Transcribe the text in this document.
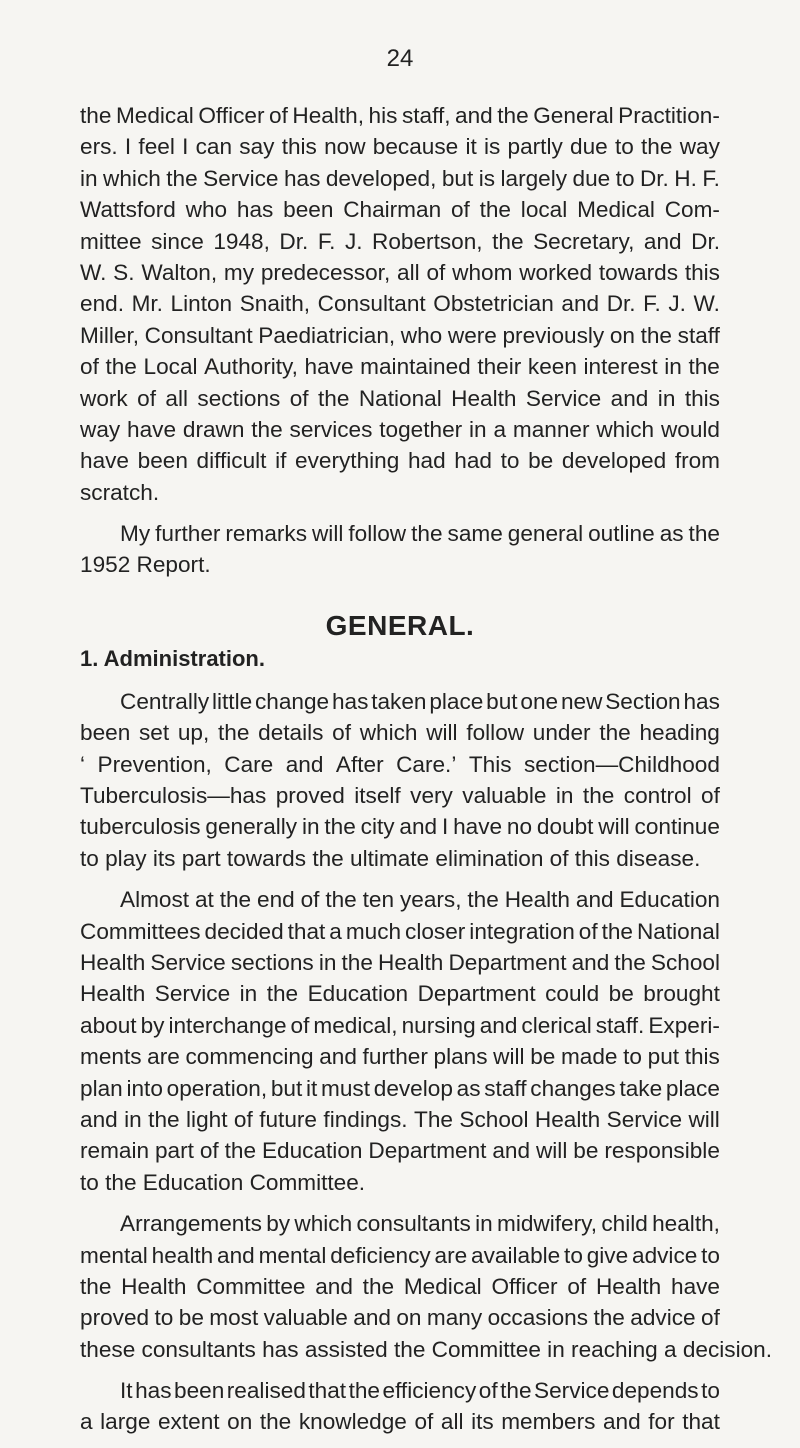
24
the Medical Officer of Health, his staff, and the General Practition-
ers. I feel I can say this now because it is partly due to the way
in which the Service has developed, but is largely due to Dr. H. F.
Wattsford who has been Chairman of the local Medical Com-
mittee since 1948, Dr. F. J. Robertson, the Secretary, and Dr.
W. S. Walton, my predecessor, all of whom worked towards this
end. Mr. Linton Snaith, Consultant Obstetrician and Dr. F. J. W.
Miller, Consultant Paediatrician, who were previously on the staff
of the Local Authority, have maintained their keen interest in the
work of all sections of the National Health Service and in this
way have drawn the services together in a manner which would
have been difficult if everything had had to be developed from
scratch.
My further remarks will follow the same general outline as the
1952 Report.
GENERAL.
1. Administration.
Centrally little change has taken place but one new Section has
been set up, the details of which will follow under the heading
‘ Prevention, Care and After Care.’ This section—Childhood
Tuberculosis—has proved itself very valuable in the control of
tuberculosis generally in the city and I have no doubt will continue
to play its part towards the ultimate elimination of this disease.
Almost at the end of the ten years, the Health and Education
Committees decided that a much closer integration of the National
Health Service sections in the Health Department and the School
Health Service in the Education Department could be brought
about by interchange of medical, nursing and clerical staff. Experi-
ments are commencing and further plans will be made to put this
plan into operation, but it must develop as staff changes take place
and in the light of future findings. The School Health Service will
remain part of the Education Department and will be responsible
to the Education Committee.
Arrangements by which consultants in midwifery, child health,
mental health and mental deficiency are available to give advice to
the Health Committee and the Medical Officer of Health have
proved to be most valuable and on many occasions the advice of
these consultants has assisted the Committee in reaching a decision.
It has been realised that the efficiency of the Service depends to
a large extent on the knowledge of all its members and for that
